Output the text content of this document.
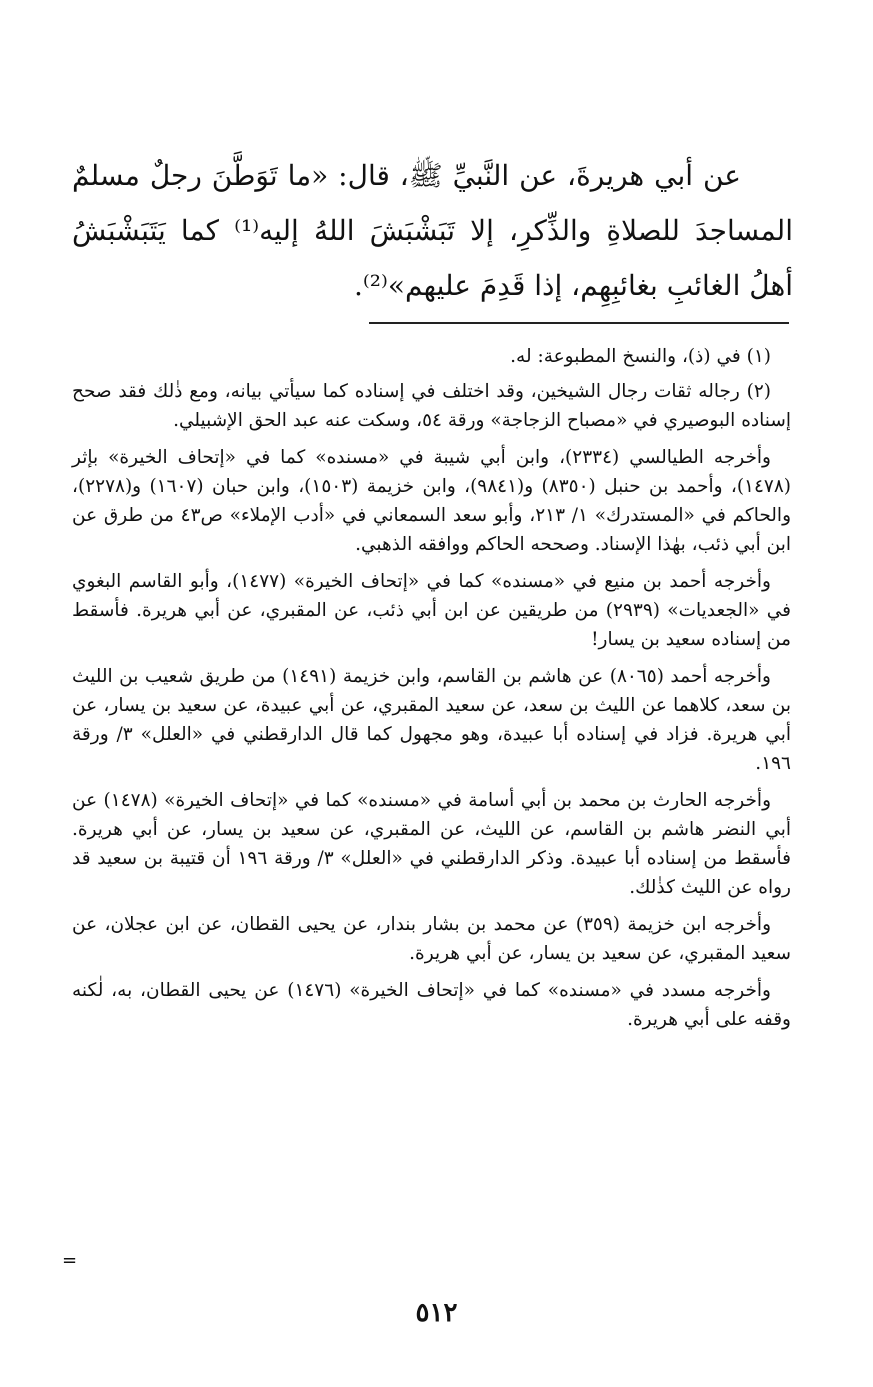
عن أبي هريرةَ، عن النَّبيِّ ﷺ، قال: «ما تَوَطَّنَ رجلٌ مسلمٌ المساجدَ للصلاةِ والذِّكرِ، إلا تَبَشْبَشَ اللهُ إليه⁽¹⁾ كما يَتَبَشْبَشُ أهلُ الغائبِ بغائبِهِم، إذا قَدِمَ عليهم»⁽²⁾.

(١) في (ذ)، والنسخ المطبوعة: له.

(٢) رجاله ثقات رجال الشيخين، وقد اختلف في إسناده كما سيأتي بيانه، ومع ذٰلك فقد صحح إسناده البوصيري في «مصباح الزجاجة» ورقة ٥٤، وسكت عنه عبد الحق الإشبيلي.

وأخرجه الطيالسي (٢٣٣٤)، وابن أبي شيبة في «مسنده» كما في «إتحاف الخيرة» بإثر (١٤٧٨)، وأحمد بن حنبل (٨٣٥٠) و(٩٨٤١)، وابن خزيمة (١٥٠٣)، وابن حبان (١٦٠٧) و(٢٢٧٨)، والحاكم في «المستدرك» ١/ ٢١٣، وأبو سعد السمعاني في «أدب الإملاء» ص٤٣ من طرق عن ابن أبي ذئب، بهٰذا الإسناد. وصححه الحاكم ووافقه الذهبي.

وأخرجه أحمد بن منيع في «مسنده» كما في «إتحاف الخيرة» (١٤٧٧)، وأبو القاسم البغوي في «الجعديات» (٢٩٣٩) من طريقين عن ابن أبي ذئب، عن المقبري، عن أبي هريرة. فأسقط من إسناده سعيد بن يسار!

وأخرجه أحمد (٨٠٦٥) عن هاشم بن القاسم، وابن خزيمة (١٤٩١) من طريق شعيب بن الليث بن سعد، كلاهما عن الليث بن سعد، عن سعيد المقبري، عن أبي عبيدة، عن سعيد بن يسار، عن أبي هريرة. فزاد في إسناده أبا عبيدة، وهو مجهول كما قال الدارقطني في «العلل» ٣/ ورقة ١٩٦.

وأخرجه الحارث بن محمد بن أبي أسامة في «مسنده» كما في «إتحاف الخيرة» (١٤٧٨) عن أبي النضر هاشم بن القاسم، عن الليث، عن المقبري، عن سعيد بن يسار، عن أبي هريرة. فأسقط من إسناده أبا عبيدة. وذكر الدارقطني في «العلل» ٣/ ورقة ١٩٦ أن قتيبة بن سعيد قد رواه عن الليث كذٰلك.

وأخرجه ابن خزيمة (٣٥٩) عن محمد بن بشار بندار، عن يحيى القطان، عن ابن عجلان، عن سعيد المقبري، عن سعيد بن يسار، عن أبي هريرة.

وأخرجه مسدد في «مسنده» كما في «إتحاف الخيرة» (١٤٧٦) عن يحيى القطان، به، لٰكنه وقفه على أبي هريرة.

=
٥١٢
